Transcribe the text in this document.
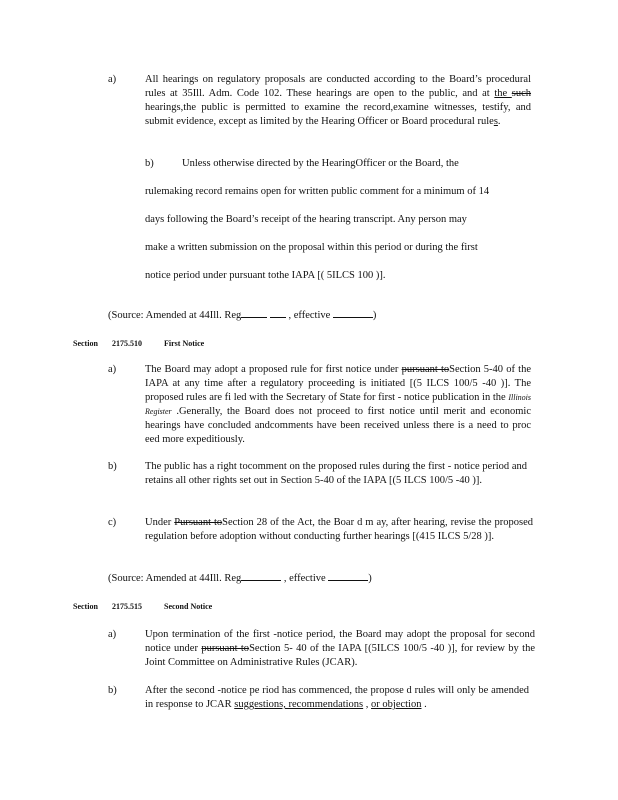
a)	All hearings on regulatory proposals are conducted according to the Board’s procedural rules at 35Ill. Adm. Code 102. These hearings are open to the public, and at the such hearings,the public is permitted to examine the record,examine witnesses, testify, and submit evidence, except as limited by the Hearing Officer or Board procedural rules.
b)	Unless otherwise directed by the HearingOfficer or the Board, the
rulemaking record remains open for written public comment for a minimum of 14
days following the Board’s receipt of the hearing transcript. Any person may
make a written submission on the proposal within this period or during the first
notice period under pursuant tothe IAPA [( 5ILCS 100 )].
(Source: Amended at 44Ill. Reg	, effective	)
Section 2175.510	First Notice
a)	The Board may adopt a proposed rule for first notice under pursuant toSection 5-40 of the IAPA at any time after a regulatory proceeding is initiated [(5 ILCS 100/5 -40 )]. The proposed rules are fi led with the Secretary of State for first - notice publication in the Illinois Register .Generally, the Board does not proceed to first notice until merit and economic hearings have concluded andcomments have been received unless there is a need to proc eed more expeditiously.
b)	The public has a right tocomment on the proposed rules during the first - notice period and retains all other rights set out in Section 5-40 of the IAPA [(5 ILCS 100/5 -40 )].
c)	Under Pursuant toSection 28 of the Act, the Boar d m ay, after hearing, revise the proposed regulation before adoption without conducting further hearings [(415 ILCS 5/28 )].
(Source: Amended at 44Ill. Reg	, effective	)
Section 2175.515	Second Notice
a)	Upon termination of the first -notice period, the Board may adopt the proposal for second notice under pursuant toSection 5- 40 of the IAPA [(5ILCS 100/5 -40 )], for review by the Joint Committee on Administrative Rules (JCAR).
b)	After the second -notice pe riod has commenced, the propose d rules will only be amended in response to JCAR suggestions, recommendations , or objection .
